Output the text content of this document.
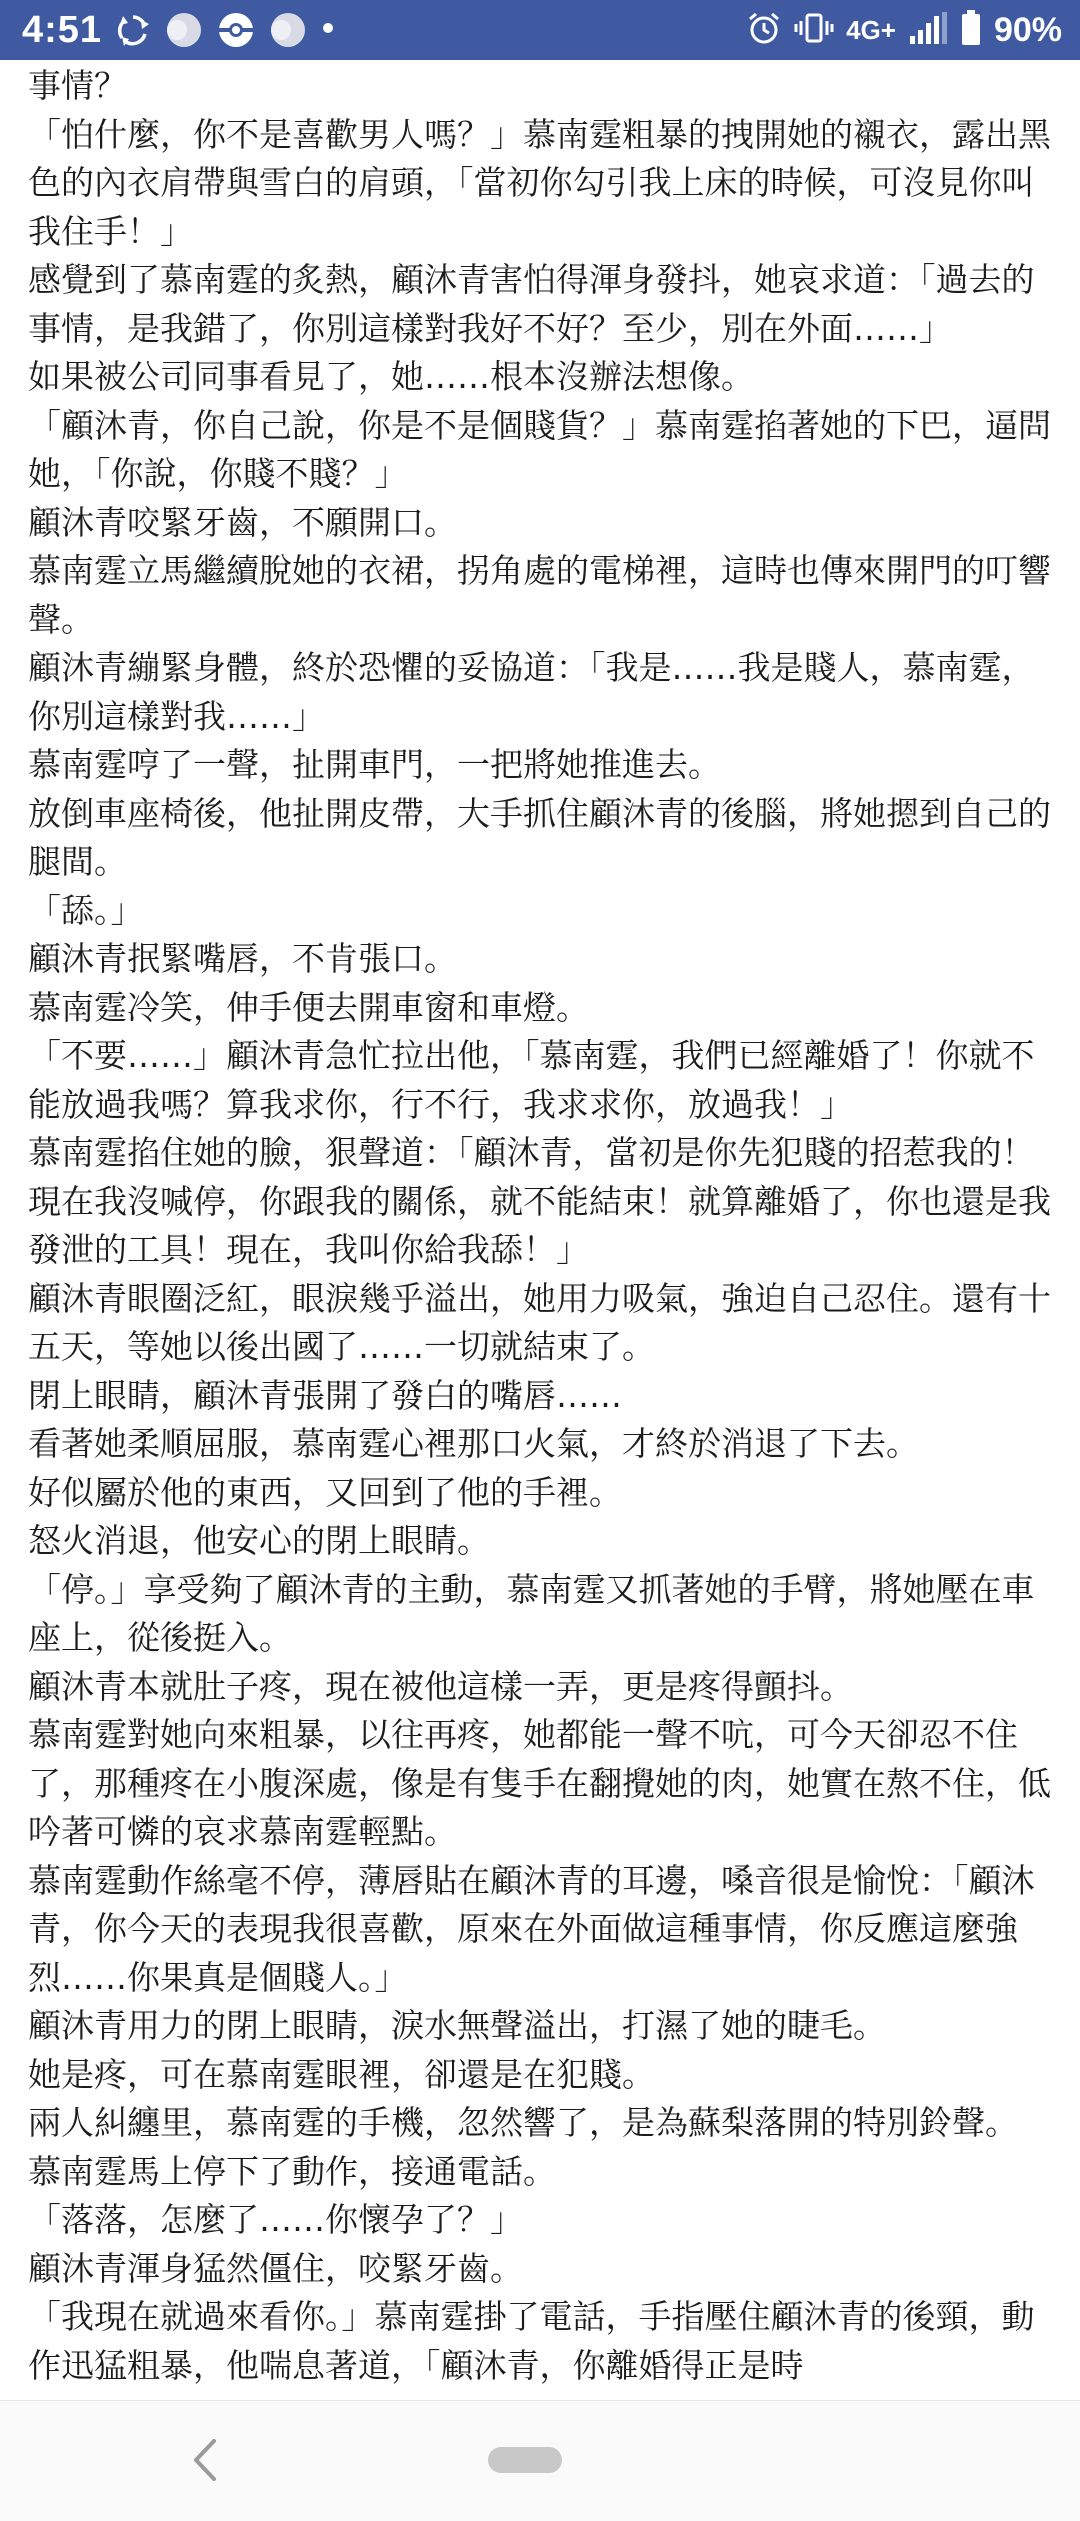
4:51	4G+	90%

事情？

「怕什麼，你不是喜歡男人嗎？」慕南霆粗暴的拽開她的襯衣，露出黑色的內衣肩帶與雪白的肩頭，「當初你勾引我上床的時候，可沒見你叫我住手！」

感覺到了慕南霆的炙熱，顧沐青害怕得渾身發抖，她哀求道：「過去的事情，是我錯了，你別這樣對我好不好？至少，別在外面……」

如果被公司同事看見了，她……根本沒辦法想像。

「顧沐青，你自己說，你是不是個賤貨？」慕南霆掐著她的下巴，逼問她，「你說，你賤不賤？」

顧沐青咬緊牙齒，不願開口。

慕南霆立馬繼續脫她的衣裙，拐角處的電梯裡，這時也傳來開門的叮響聲。

顧沐青繃緊身體，終於恐懼的妥協道：「我是……我是賤人，慕南霆，你別這樣對我……」

慕南霆哼了一聲，扯開車門，一把將她推進去。

放倒車座椅後，他扯開皮帶，大手抓住顧沐青的後腦，將她摁到自己的腿間。

「舔。」

顧沐青抿緊嘴唇，不肯張口。

慕南霆冷笑，伸手便去開車窗和車燈。

「不要……」顧沐青急忙拉出他，「慕南霆，我們已經離婚了！你就不能放過我嗎？算我求你，行不行，我求求你，放過我！」

慕南霆掐住她的臉，狠聲道：「顧沐青，當初是你先犯賤的招惹我的！現在我沒喊停，你跟我的關係，就不能結束！就算離婚了，你也還是我發泄的工具！現在，我叫你給我舔！」

顧沐青眼圈泛紅，眼淚幾乎溢出，她用力吸氣，強迫自己忍住。還有十五天，等她以後出國了……一切就結束了。

閉上眼睛，顧沐青張開了發白的嘴唇……

看著她柔順屈服，慕南霆心裡那口火氣，才終於消退了下去。

好似屬於他的東西，又回到了他的手裡。

怒火消退，他安心的閉上眼睛。

「停。」享受夠了顧沐青的主動，慕南霆又抓著她的手臂，將她壓在車座上，從後挺入。

顧沐青本就肚子疼，現在被他這樣一弄，更是疼得顫抖。

慕南霆對她向來粗暴，以往再疼，她都能一聲不吭，可今天卻忍不住了，那種疼在小腹深處，像是有隻手在翻攪她的肉，她實在熬不住，低吟著可憐的哀求慕南霆輕點。

慕南霆動作絲毫不停，薄唇貼在顧沐青的耳邊，嗓音很是愉悅：「顧沐青，你今天的表現我很喜歡，原來在外面做這種事情，你反應這麼強烈……你果真是個賤人。」

顧沐青用力的閉上眼睛，淚水無聲溢出，打濕了她的睫毛。

她是疼，可在慕南霆眼裡，卻還是在犯賤。

兩人糾纏里，慕南霆的手機，忽然響了，是為蘇梨落開的特別鈴聲。

慕南霆馬上停下了動作，接通電話。

「落落，怎麼了……你懷孕了？」

顧沐青渾身猛然僵住，咬緊牙齒。

「我現在就過來看你。」慕南霆掛了電話，手指壓住顧沐青的後頸，動作迅猛粗暴，他喘息著道，「顧沐青，你離婚得正是時
